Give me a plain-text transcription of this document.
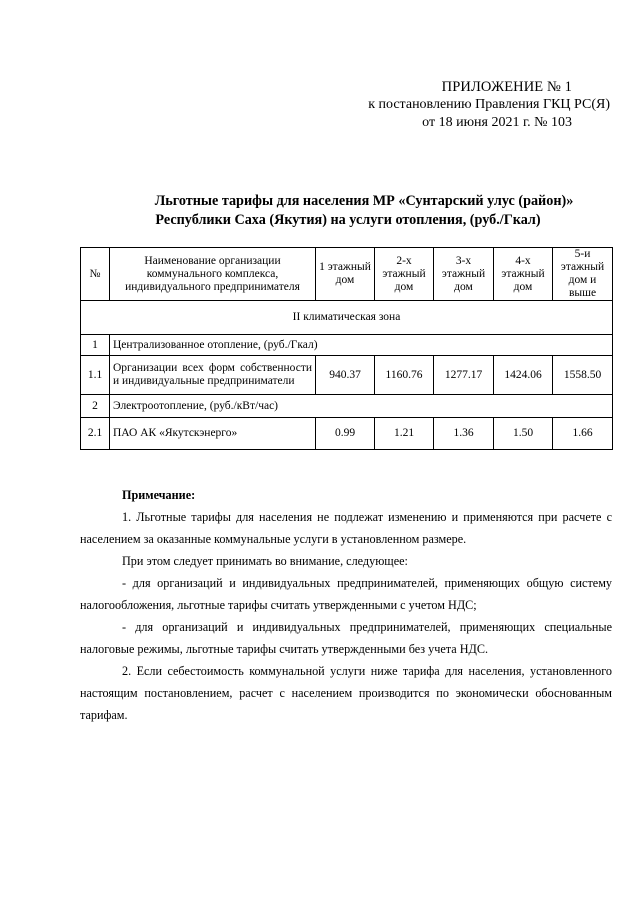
ПРИЛОЖЕНИЕ № 1
к постановлению Правления ГКЦ РС(Я)
от 18 июня 2021 г. № 103
Льготные тарифы для населения МР «Сунтарский улус (район)»
Республики Саха (Якутия) на услуги отопления, (руб./Гкал)
№	Наименование организации коммунального комплекса, индивидуального предпринимателя	1 этажный дом	2-х этажный дом	3-х этажный дом	4-х этажный дом	5-и этажный дом и выше
II климатическая зона						
1	Централизованное отопление, (руб./Гкал)					
1.1	Организации всех форм собственности и индивидуальные предприниматели	940.37	1160.76	1277.17	1424.06	1558.50
2	Электроотопление, (руб./кВт/час)					
2.1	ПАО АК «Якутскэнерго»	0.99	1.21	1.36	1.50	1.66

Примечание:

1. Льготные тарифы для населения не подлежат изменению и применяются при расчете с населением за оказанные коммунальные услуги в установленном размере.

При этом следует принимать во внимание, следующее:

- для организаций и индивидуальных предпринимателей, применяющих общую систему налогообложения, льготные тарифы считать утвержденными с учетом НДС;

- для организаций и индивидуальных предпринимателей, применяющих специальные налоговые режимы, льготные тарифы считать утвержденными без учета НДС.

2. Если себестоимость коммунальной услуги ниже тарифа для населения, установленного настоящим постановлением, расчет с населением производится по экономически обоснованным тарифам.
